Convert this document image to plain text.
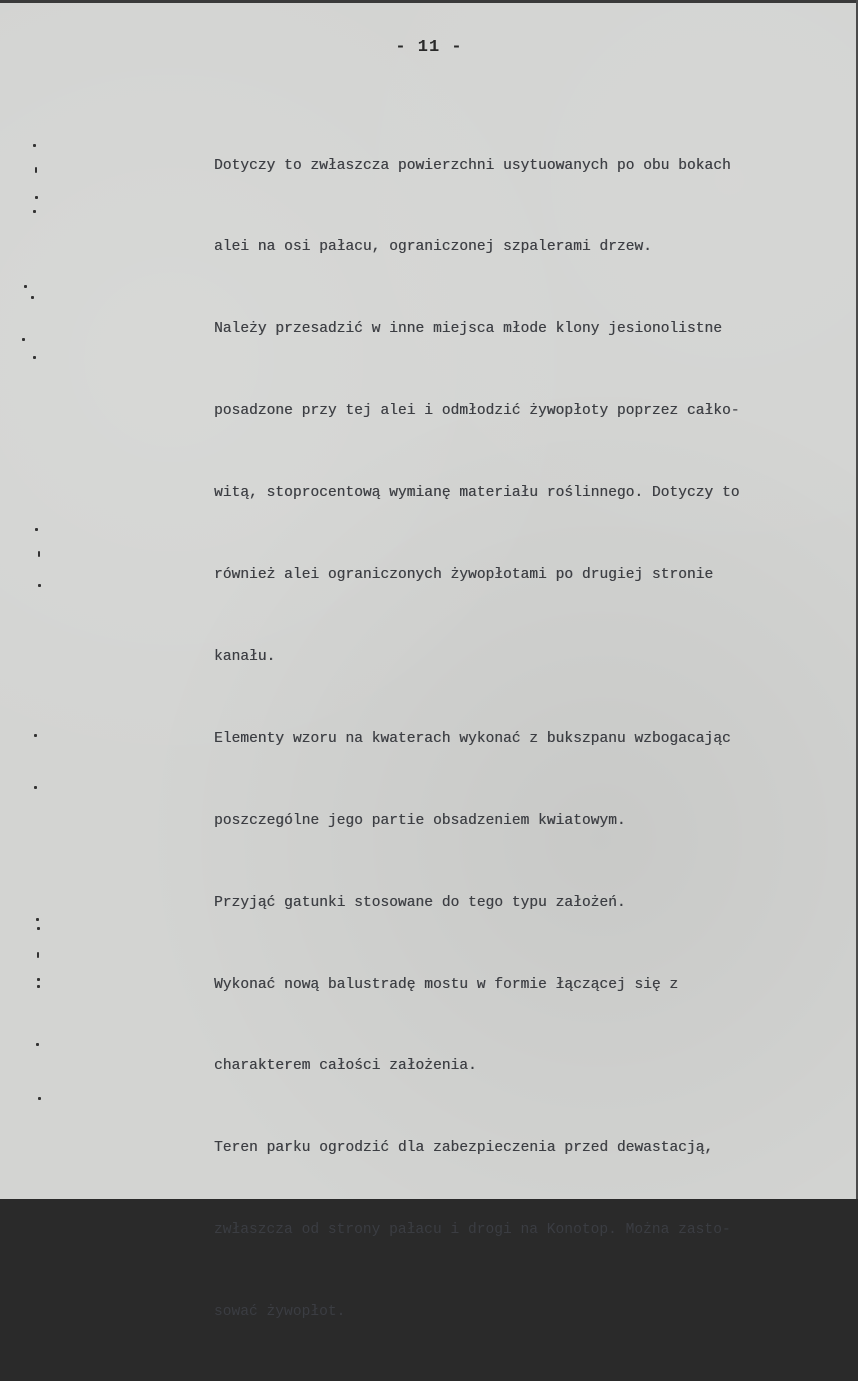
- 11 -

Dotyczy to zwłaszcza powierzchni usytuowanych po obu bokach

alei na osi pałacu, ograniczonej szpalerami drzew.

Należy przesadzić w inne miejsca młode klony jesionolistne

posadzone przy tej alei i odmłodzić żywopłoty poprzez całko-

witą, stoprocentową wymianę materiału roślinnego. Dotyczy to

również alei ograniczonych żywopłotami po drugiej stronie

kanału.

Elementy wzoru na kwaterach wykonać z bukszpanu wzbogacając

poszczególne jego partie obsadzeniem kwiatowym.

Przyjąć gatunki stosowane do tego typu założeń.

Wykonać nową balustradę mostu w formie łączącej się z

charakterem całości założenia.

Teren parku ogrodzić dla zabezpieczenia przed dewastacją,

zwłaszcza od strony pałacu i drogi na Konotop. Można zasto-

sować żywopłot.
